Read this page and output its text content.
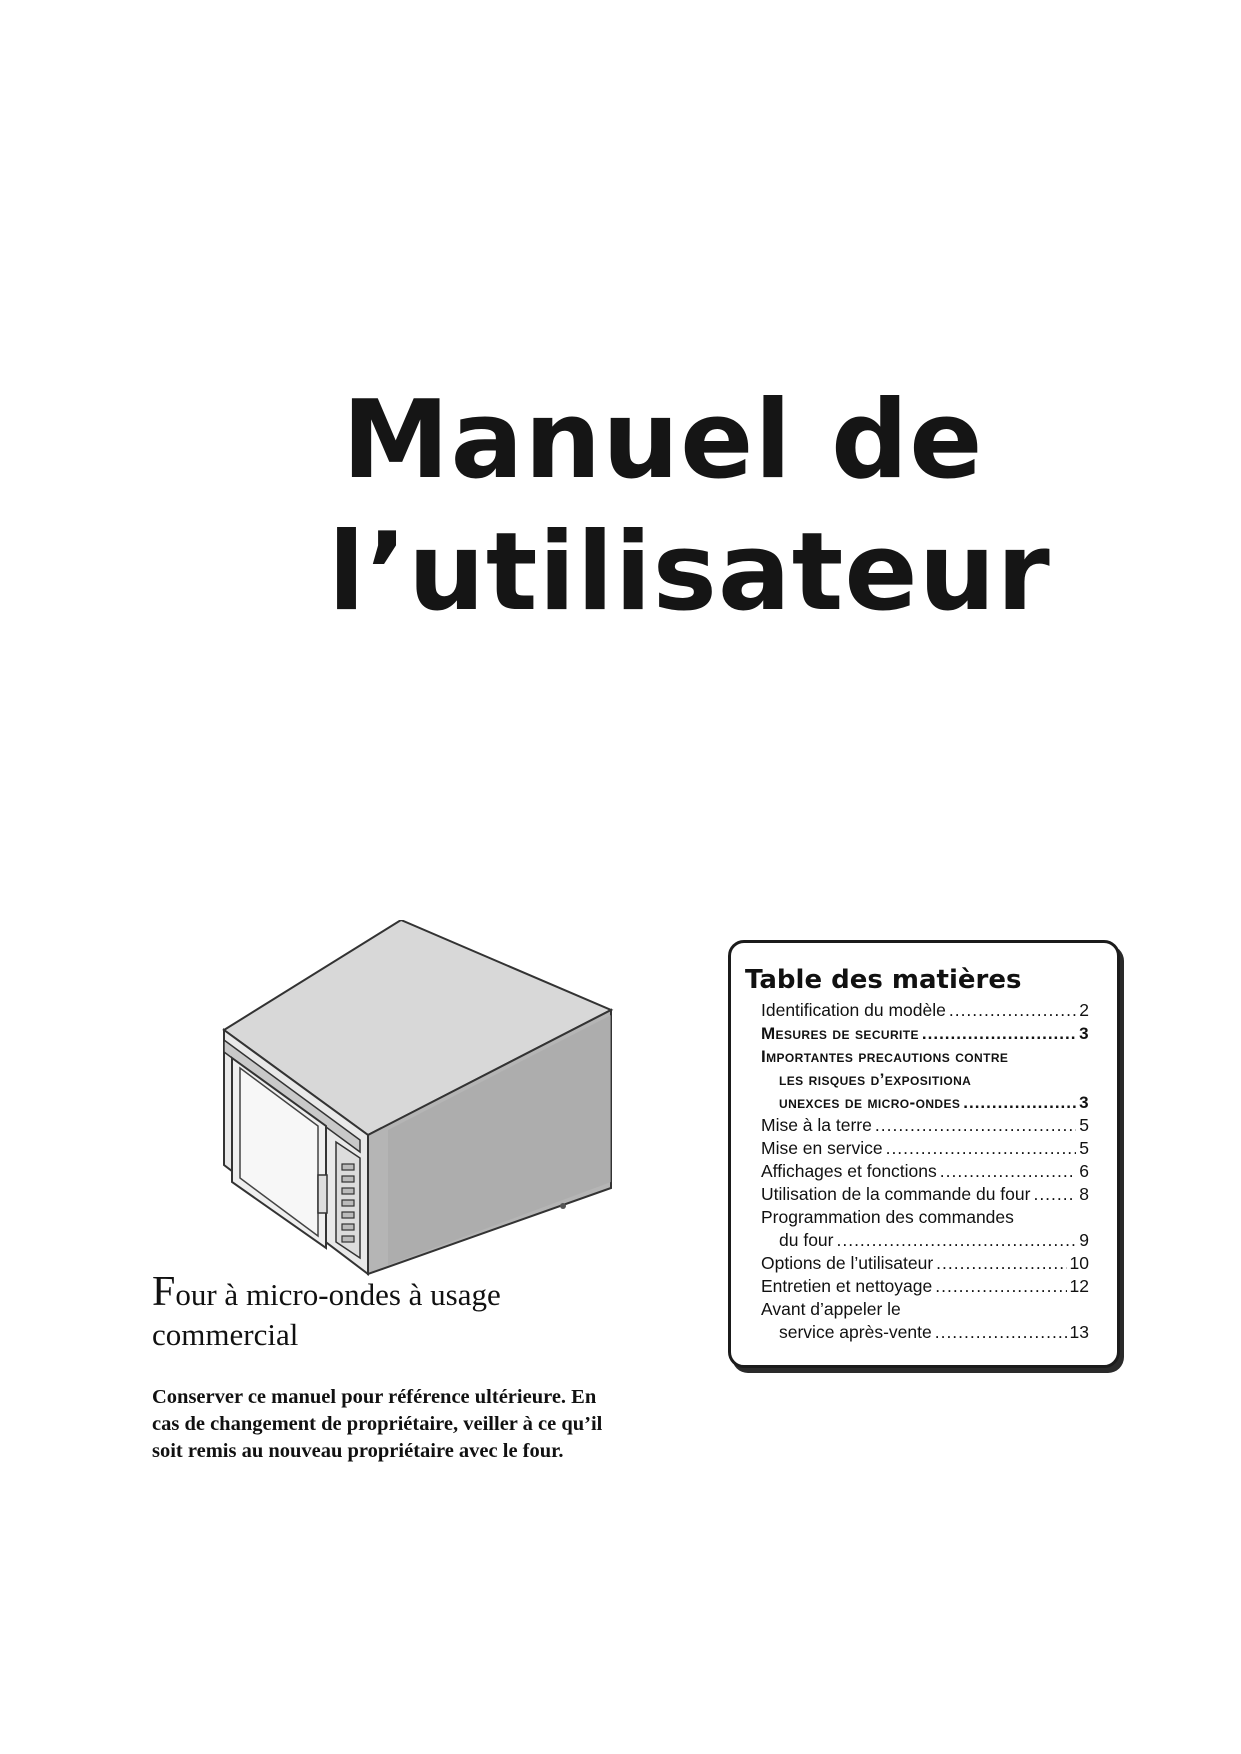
Manuel de
l’utilisateur
Four à micro-ondes à usage commercial

Conserver ce manuel pour référence ultérieure. En cas de changement de propriétaire, veiller à ce qu’il soit remis au nouveau propriétaire avec le four.

Table des matières
Identification du modèle .....	2
Mesures de securite .....	3
Importantes precautions contre
les risques d’expositiona
unexces de micro-ondes .....	3
Mise à la terre .....	5
Mise en service .....	5
Affichages et fonctions .....	6
Utilisation de la commande du four .....	8
Programmation des commandes
du four .....	9
Options de l’utilisateur .....	10
Entretien et nettoyage .....	12
Avant d’appeler le
service après-vente .....	13
